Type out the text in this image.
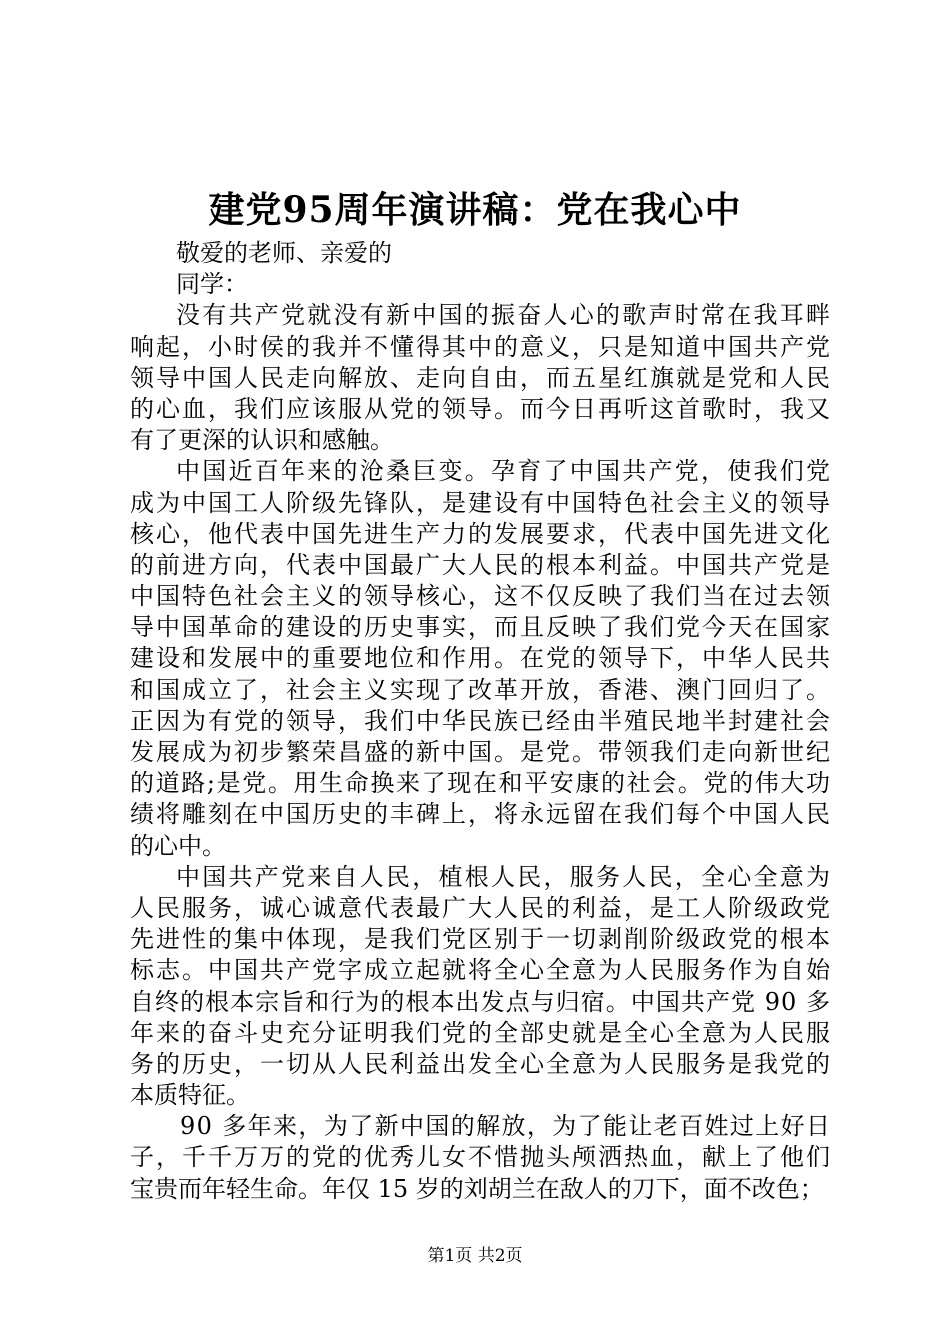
建党95周年演讲稿：党在我心中
敬爱的老师、亲爱的
同学：
没有共产党就没有新中国的振奋人心的歌声时常在我耳畔
响起，小时侯的我并不懂得其中的意义，只是知道中国共产党
领导中国人民走向解放、走向自由，而五星红旗就是党和人民
的心血，我们应该服从党的领导。而今日再听这首歌时，我又
有了更深的认识和感触。
中国近百年来的沧桑巨变。孕育了中国共产党，使我们党
成为中国工人阶级先锋队，是建设有中国特色社会主义的领导
核心，他代表中国先进生产力的发展要求，代表中国先进文化
的前进方向，代表中国最广大人民的根本利益。中国共产党是
中国特色社会主义的领导核心，这不仅反映了我们当在过去领
导中国革命的建设的历史事实，而且反映了我们党今天在国家
建设和发展中的重要地位和作用。在党的领导下，中华人民共
和国成立了，社会主义实现了改革开放，香港、澳门回归了。
正因为有党的领导，我们中华民族已经由半殖民地半封建社会
发展成为初步繁荣昌盛的新中国。是党。带领我们走向新世纪
的道路;是党。用生命换来了现在和平安康的社会。党的伟大功
绩将雕刻在中国历史的丰碑上，将永远留在我们每个中国人民
的心中。
中国共产党来自人民，植根人民，服务人民，全心全意为
人民服务，诚心诚意代表最广大人民的利益，是工人阶级政党
先进性的集中体现，是我们党区别于一切剥削阶级政党的根本
标志。中国共产党字成立起就将全心全意为人民服务作为自始
自终的根本宗旨和行为的根本出发点与归宿。中国共产党 90 多
年来的奋斗史充分证明我们党的全部史就是全心全意为人民服
务的历史，一切从人民利益出发全心全意为人民服务是我党的
本质特征。
90 多年来，为了新中国的解放，为了能让老百姓过上好日
子，千千万万的党的优秀儿女不惜抛头颅洒热血，献上了他们
宝贵而年轻生命。年仅 15 岁的刘胡兰在敌人的刀下，面不改色；
第1页 共2页
